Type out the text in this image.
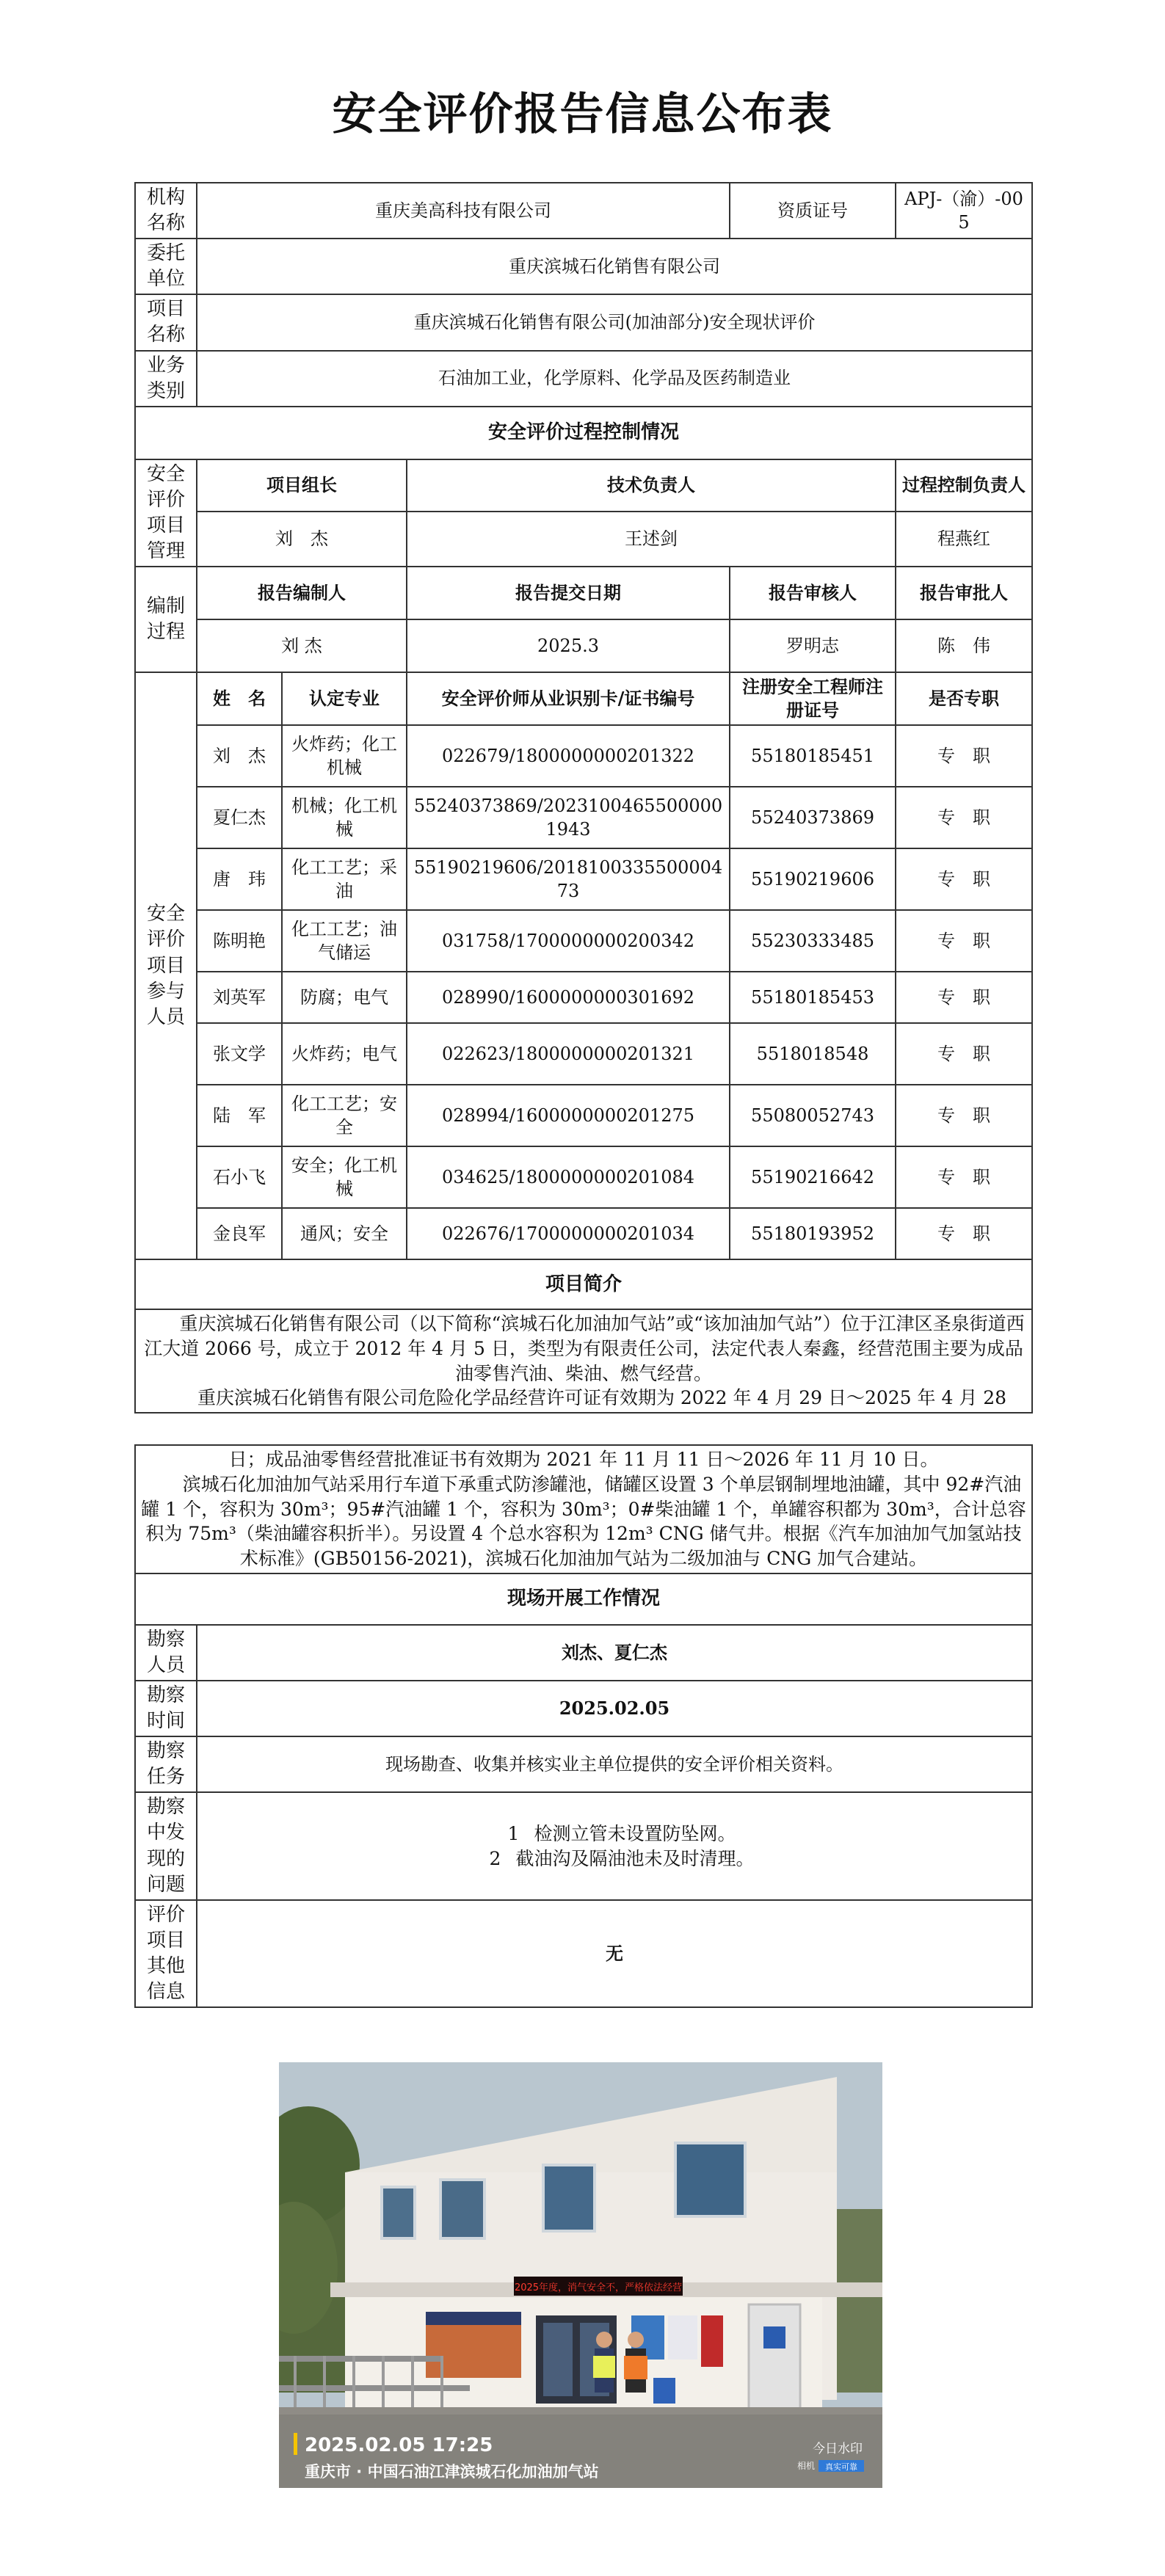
安全评价报告信息公布表
机构名称	重庆美高科技有限公司			资质证号	APJ-（渝）-005
委托单位	重庆滨城石化销售有限公司				
项目名称	重庆滨城石化销售有限公司(加油部分)安全现状评价				
业务类别	石油加工业，化学原料、化学品及医药制造业				
安全评价过程控制情况					
安全评价项目管理	项目组长		技术负责人		过程控制负责人
	刘　杰		王述剑		程燕红
编制过程	报告编制人		报告提交日期	报告审核人	报告审批人
	刘 杰		2025.3	罗明志	陈　伟
安全评价项目参与人员	姓　名	认定专业	安全评价师从业识别卡/证书编号	注册安全工程师注册证号	是否专职
	刘　杰	火炸药；化工机械	022679/1800000000201322	55180185451	专　职
	夏仁杰	机械；化工机械	55240373869/20231004655000001943	55240373869	专　职
	唐　玮	化工工艺；采油	55190219606/201810033550000473	55190219606	专　职
	陈明艳	化工工艺；油气储运	031758/1700000000200342	55230333485	专　职
	刘英军	防腐；电气	028990/1600000000301692	55180185453	专　职
	张文学	火炸药；电气	022623/1800000000201321	5518018548	专　职
	陆　军	化工工艺；安全	028994/1600000000201275	55080052743	专　职
	石小飞	安全；化工机械	034625/1800000000201084	55190216642	专　职
	金良军	通风；安全	022676/1700000000201034	55180193952	专　职
项目简介					

重庆滨城石化销售有限公司（以下简称“滨城石化加油加气站”或“该加油加气站”）位于江津区圣泉街道西江大道 2066 号，成立于 2012 年 4 月 5 日，类型为有限责任公司，法定代表人秦鑫，经营范围主要为成品油零售汽油、柴油、燃气经营。
重庆滨城石化销售有限公司危险化学品经营许可证有效期为 2022 年 4 月 29 日～2025 年 4 月 28					
日；成品油零售经营批准证书有效期为 2021 年 11 月 11 日～2026 年 11 月 10 日。
滨城石化加油加气站采用行车道下承重式防渗罐池，储罐区设置 3 个单层钢制埋地油罐，其中 92#汽油罐 1 个，容积为 30m³；95#汽油罐 1 个，容积为 30m³；0#柴油罐 1 个，单罐容积都为 30m³，合计总容积为 75m³（柴油罐容积折半）。另设置 4 个总水容积为 12m³ CNG 储气井。根据《汽车加油加气加氢站技术标准》(GB50156-2021)，滨城石化加油加气站为二级加油与 CNG 加气合建站。	

现场开展工作情况	
勘察人员	刘杰、夏仁杰
勘察时间	2025.02.05
勘察任务	现场勘查、收集并核实业主单位提供的安全评价相关资料。
勘察中发现的问题	1 检测立管未设置防坠网。
2 截油沟及隔油池未及时清理。

评价项目其他信息	无
2025年度，消气安全不，严格依法经营
2025.02.05 17:25
重庆市 · 中国石油江津滨城石化加油加气站
今日水印
相机 真实可靠
